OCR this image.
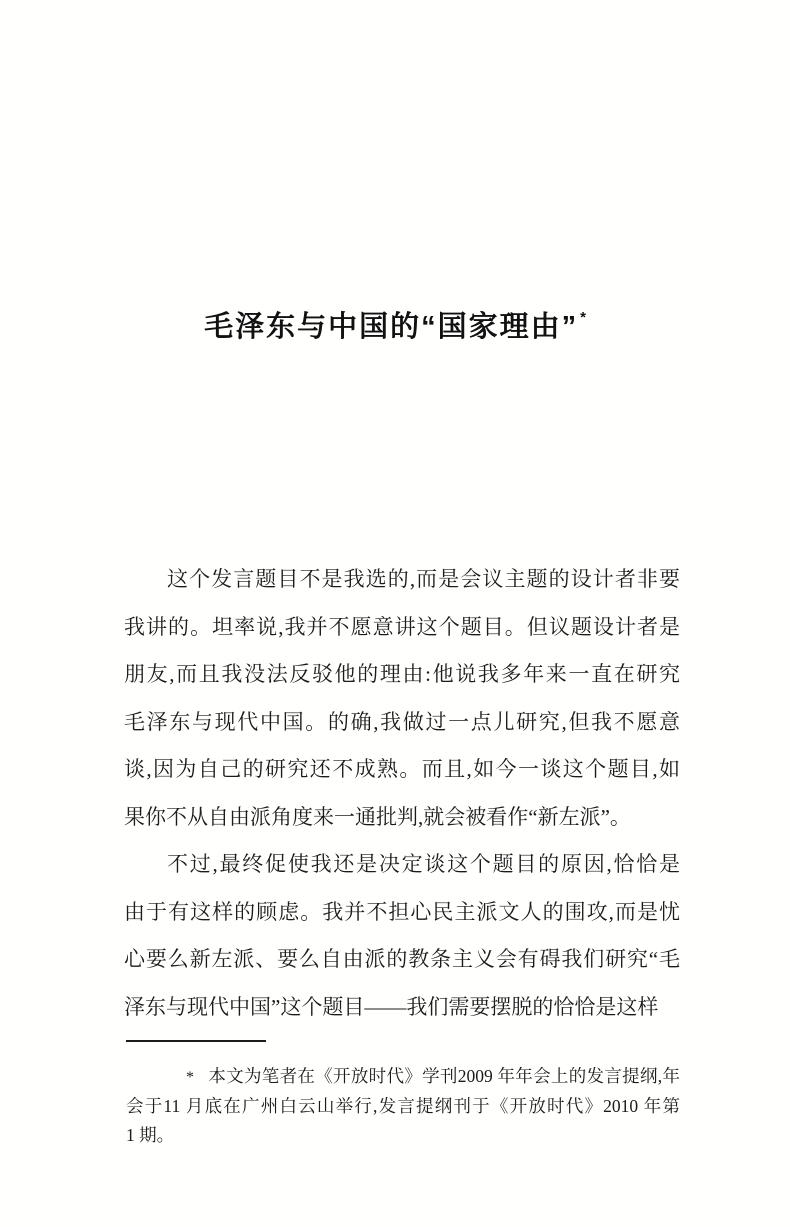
毛泽东与中国的“国家理由” *
这个发言题目不是我选的,而是会议主题的设计者非要
我讲的。坦率说,我并不愿意讲这个题目。但议题设计者是
朋友,而且我没法反驳他的理由:他说我多年来一直在研究
毛泽东与现代中国。的确,我做过一点儿研究,但我不愿意
谈,因为自己的研究还不成熟。而且,如今一谈这个题目,如
果你不从自由派角度来一通批判,就会被看作“新左派”。
不过,最终促使我还是决定谈这个题目的原因,恰恰是
由于有这样的顾虑。我并不担心民主派文人的围攻,而是忧
心要么新左派、要么自由派的教条主义会有碍我们研究“毛
泽东与现代中国”这个题目——我们需要摆脱的恰恰是这样
* 本文为笔者在《开放时代》学刊2009 年年会上的发言提纲,年
会于11 月底在广州白云山举行,发言提纲刊于《开放时代》2010 年第
1 期。
